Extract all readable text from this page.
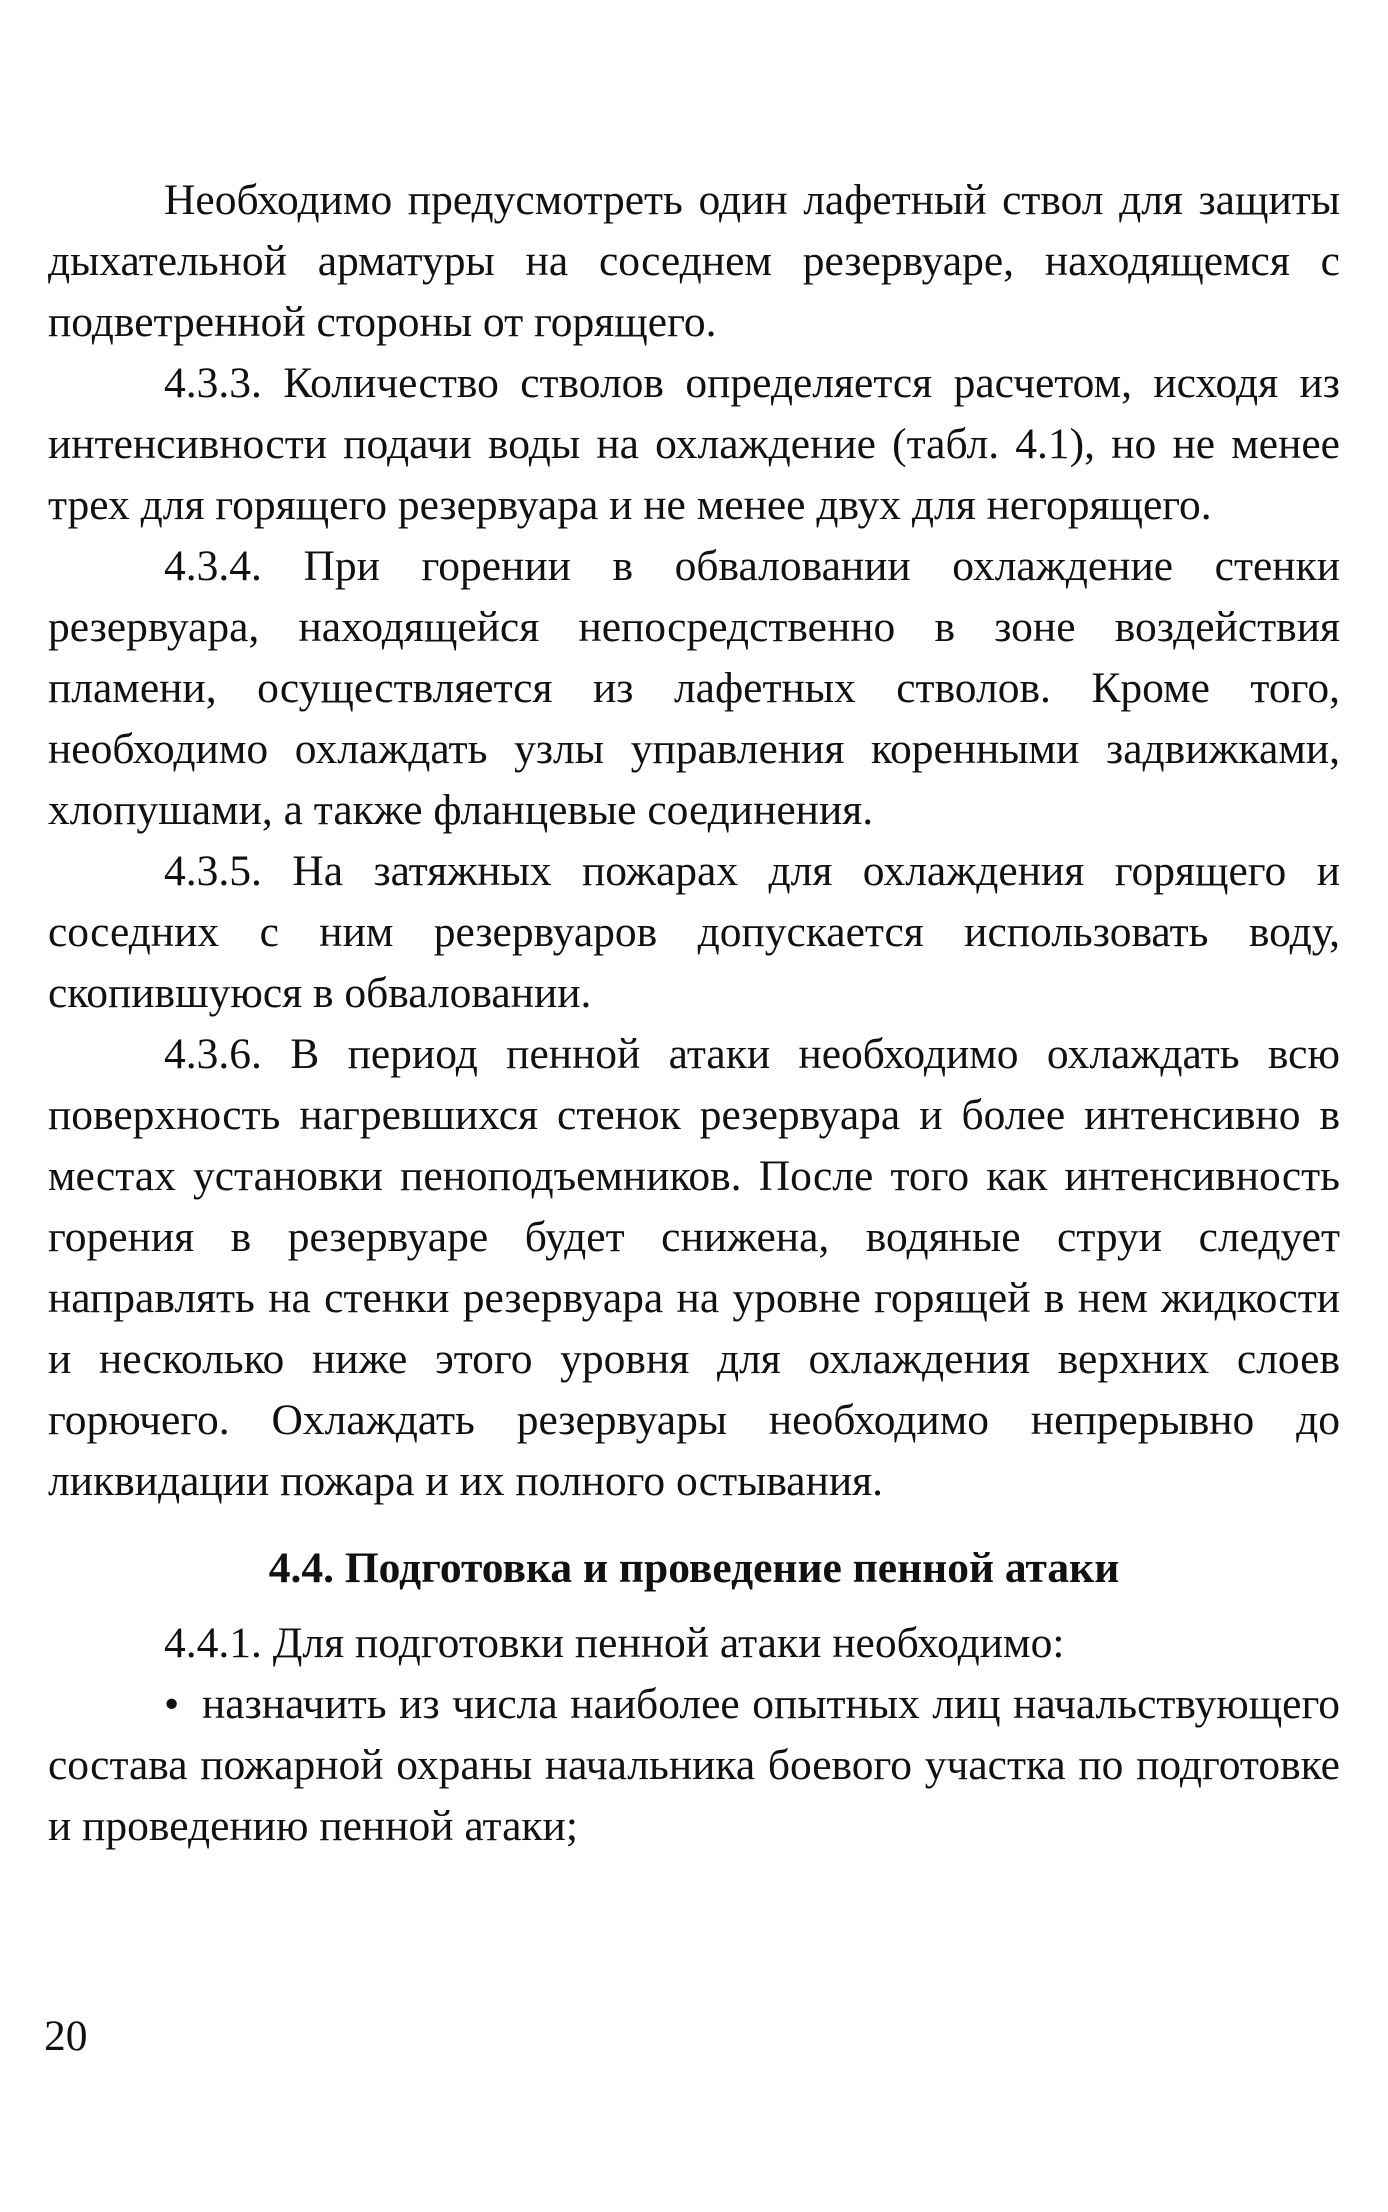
Необходимо предусмотреть один лафетный ствол для защиты дыхательной арматуры на соседнем резервуаре, находящемся с подветренной стороны от горящего.

4.3.3. Количество стволов определяется расчетом, исходя из интенсивности подачи воды на охлаждение (табл. 4.1), но не менее трех для горящего резервуара и не менее двух для негорящего.

4.3.4. При горении в обваловании охлаждение стенки резервуара, находящейся непосредственно в зоне воздействия пламени, осуществляется из лафетных стволов. Кроме того, необходимо охлаждать узлы управления коренными задвижками, хлопушами, а также фланцевые соединения.

4.3.5. На затяжных пожарах для охлаждения горящего и соседних с ним резервуаров допускается использовать воду, скопившуюся в обваловании.

4.3.6. В период пенной атаки необходимо охлаждать всю поверхность нагревшихся стенок резервуара и более интенсивно в местах установки пеноподъемников. После того как интенсивность горения в резервуаре будет снижена, водяные струи следует направлять на стенки резервуара на уровне горящей в нем жидкости и несколько ниже этого уровня для охлаждения верхних слоев горючего. Охлаждать резервуары необходимо непрерывно до ликвидации пожара и их полного остывания.

4.4. Подготовка и проведение пенной атаки

4.4.1. Для подготовки пенной атаки необходимо:

• назначить из числа наиболее опытных лиц начальствующего состава пожарной охраны начальника боевого участка по подготовке и проведению пенной атаки;

20
